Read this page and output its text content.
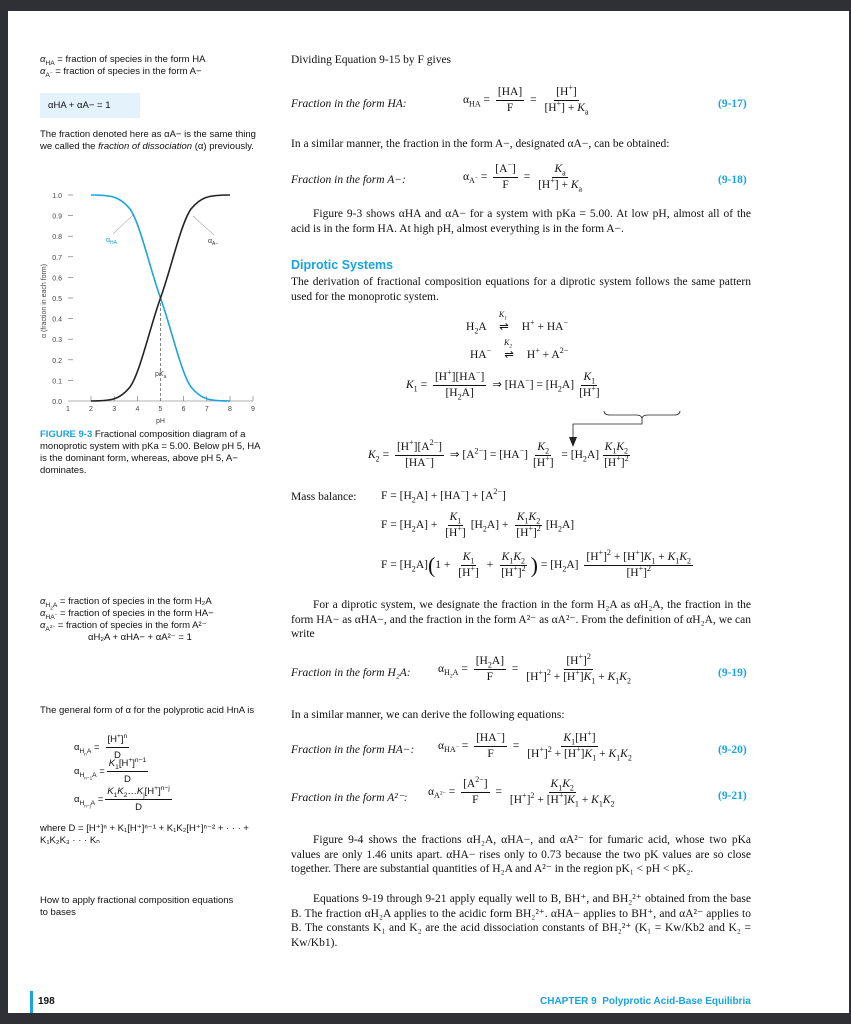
$\alpha_{HA}$ = fraction of species in the form HA
$\alpha_{A^-}$ = fraction of species in the form A−
αHA + αA− = 1
The fraction denoted here as αA− is the same thing we called the fraction of dissociation (α) previously.
1.0
0.9
0.8
0.7
0.6
0.5
0.4
0.3
0.2
0.1
0.0
1	2	3	4	5	6	7	8	9
pH
α (fraction in each form)
$pK_a$
$\alpha_{HA}$	$\alpha_{A-}$
FIGURE 9-3 Fractional composition diagram of a monoprotic system with pKa = 5.00. Below pH 5, HA is the dominant form, whereas, above pH 5, A− dominates.
$\alpha_{H_2A}$ = fraction of species in the form H₂A
$\alpha_{HA^-}$ = fraction of species in the form HA−
$\alpha_{A^{2-}}$ = fraction of species in the form A²⁻
αH₂A + αHA− + αA²⁻ = 1
The general form of α for the polyprotic acid HnA is
$\alpha_{H_nA} = \frac{[H^+]^n}{D}$
$\alpha_{H_{n-1}A} = \frac{K_1[H^+]^{n-1}}{D}$
$\alpha_{H_{n-j}A} = \frac{K_1K_2\dots K_j[H^+]^{n-j}}{D}$
where D = [H⁺]ⁿ + K₁[H⁺]ⁿ⁻¹ + K₁K₂[H⁺]ⁿ⁻² + · · · + K₁K₂K₃ · · · Kₙ
How to apply fractional composition equations to bases
Dividing Equation 9-15 by F gives
Fraction in the form HA:	$\alpha_{HA} = \frac{[HA]}{F} = \frac{[H^+]}{[H^+] + K_a}$	(9-17)
In a similar manner, the fraction in the form A−, designated αA−, can be obtained:
Fraction in the form A−:	$\alpha_{A^-} = \frac{[A^-]}{F} = \frac{K_a}{[H^+] + K_a}$	(9-18)
Figure 9-3 shows αHA and αA− for a system with pKa = 5.00. At low pH, almost all of the acid is in the form HA. At high pH, almost everything is in the form A−.
Diprotic Systems
The derivation of fractional composition equations for a diprotic system follows the same pattern used for the monoprotic system.
$H_2A$
$K_1$
⇌ H+ + HA−
HA−
$K_2$
⇌ $H^+ + A^{2-}$
$K_1 = \frac{[H^+][HA^-]}{[H_2A]}$ ⇒ $[HA^-] = [H_2A] \frac{K_1}{[H^+]}$
$K_2 = \frac{[H^+][A^{2-}]}{[HA^-]}$ ⇒ $[A^{2-}] = [HA^-] \frac{K_2}{[H^+]} = [H_2A] \frac{K_1K_2}{[H^+]^2}$
Mass balance: $F = [H_2A] + [HA^-] + [A^{2-}]$
$F = [H_2A] + \frac{K_1}{[H^+]} [H_2A] + \frac{K_1K_2}{[H^+]^2} [H_2A]$
$F = [H_2A](1 + \frac{K_1}{[H^+]} + \frac{K_1K_2}{[H^+]^2}$ ) = $[H_2A] \frac{[H^+]^2 + [H^+]K_1 + K_1K_2}{[H^+]^2}$
For a diprotic system, we designate the fraction in the form H₂A as αH₂A, the fraction in the form HA− as αHA−, and the fraction in the form A²⁻ as αA²⁻. From the definition of αH₂A, we can write
Fraction in the form H₂A: $\alpha_{H_2A} = \frac{[H_2A]}{F} = \frac{[H^+]^2}{[H^+]^2 + [H^+]K_1 + K_1K_2}$	(9-19)
In a similar manner, we can derive the following equations:
Fraction in the form HA−: $\alpha_{HA^-} = \frac{[HA^-]}{F} = \frac{K_1[H^+]}{[H^+]^2 + [H^+]K_1 + K_1K_2}$	(9-20)
Fraction in the form A²⁻: $\alpha_{A^{2-}} = \frac{[A^{2-}]}{F} = \frac{K_1K_2}{[H^+]^2 + [H^+]K_1 + K_1K_2}$	(9-21)
Figure 9-4 shows the fractions αH₂A, αHA−, and αA²⁻ for fumaric acid, whose two pKa values are only 1.46 units apart. αHA− rises only to 0.73 because the two pK values are so close together. There are substantial quantities of H₂A and A²⁻ in the region pK₁ < pH < pK₂.
Equations 9-19 through 9-21 apply equally well to B, BH⁺, and BH₂²⁺ obtained from the base B. The fraction αH₂A applies to the acidic form BH₂²⁺. αHA− applies to BH⁺, and αA²⁻ applies to B. The constants K₁ and K₂ are the acid dissociation constants of BH₂²⁺ (K₁ = Kw/Kb2 and K₂ = Kw/Kb1).
198	CHAPTER 9  Polyprotic Acid-Base Equilibria
